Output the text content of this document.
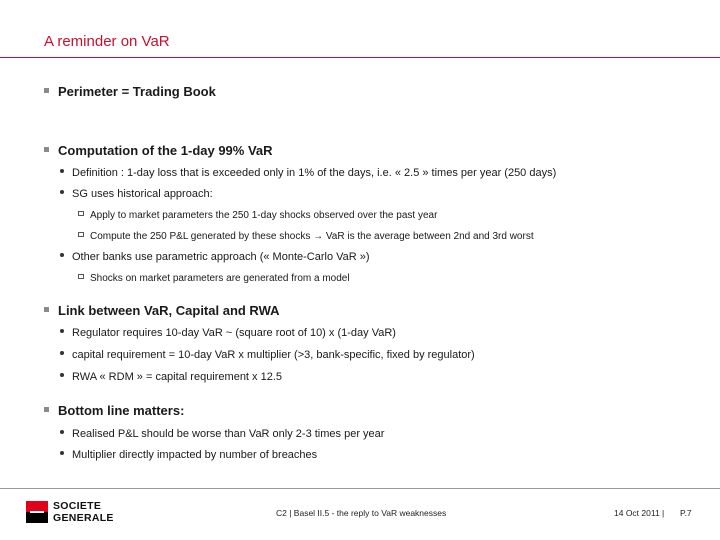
A reminder on VaR
Perimeter = Trading Book
Computation of the 1-day 99% VaR
Definition : 1-day loss that is exceeded only in 1% of the days, i.e. « 2.5 » times per year (250 days)
SG uses historical approach:
Apply to market parameters the 250 1-day shocks observed over the past year
Compute the 250 P&L generated by these shocks → VaR is the average between 2nd and 3rd worst
Other banks use parametric approach (« Monte-Carlo VaR »)
Shocks on market parameters are generated from a model
Link between VaR, Capital and RWA
Regulator requires 10-day VaR ~ (square root of 10) x (1-day VaR)
capital requirement = 10-day VaR x multiplier (>3, bank-specific, fixed by regulator)
RWA « RDM » = capital requirement x 12.5
Bottom line matters:
Realised P&L should be worse than VaR only 2-3 times per year
Multiplier directly impacted by number of breaches
SOCIETE
GENERALE	C2 | Basel II.5 - the reply to VaR weaknesses	14 Oct 2011 | P.7
